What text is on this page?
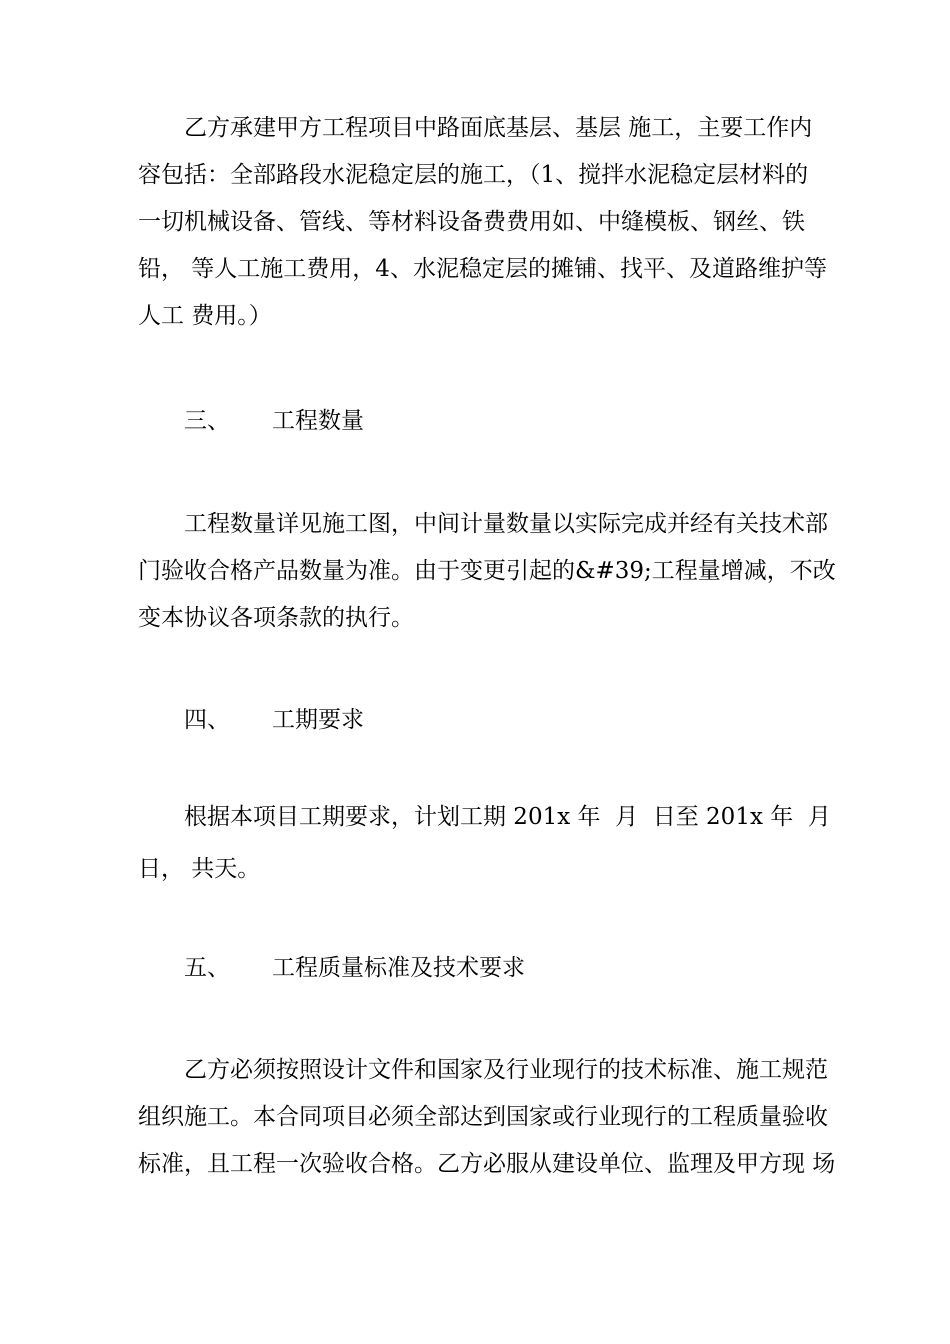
乙方承建甲方工程项目中路面底基层、基层 施工，主要工作内
容包括：全部路段水泥稳定层的施工，（1、搅拌水泥稳定层材料的
一切机械设备、管线、等材料设备费费用如、中缝模板、钢丝、铁
铅， 等人工施工费用，4、水泥稳定层的摊铺、找平、及道路维护等
人工 费用。）
三、 工程数量
工程数量详见施工图，中间计量数量以实际完成并经有关技术部
门验收合格产品数量为准。由于变更引起的&#39;工程量增减，不改
变本协议各项条款的执行。
四、 工期要求
根据本项目工期要求，计划工期 201x 年  月  日至 201x 年  月
日， 共天。
五、 工程质量标准及技术要求
乙方必须按照设计文件和国家及行业现行的技术标准、施工规范
组织施工。本合同项目必须全部达到国家或行业现行的工程质量验收
标准，且工程一次验收合格。乙方必服从建设单位、监理及甲方现 场
